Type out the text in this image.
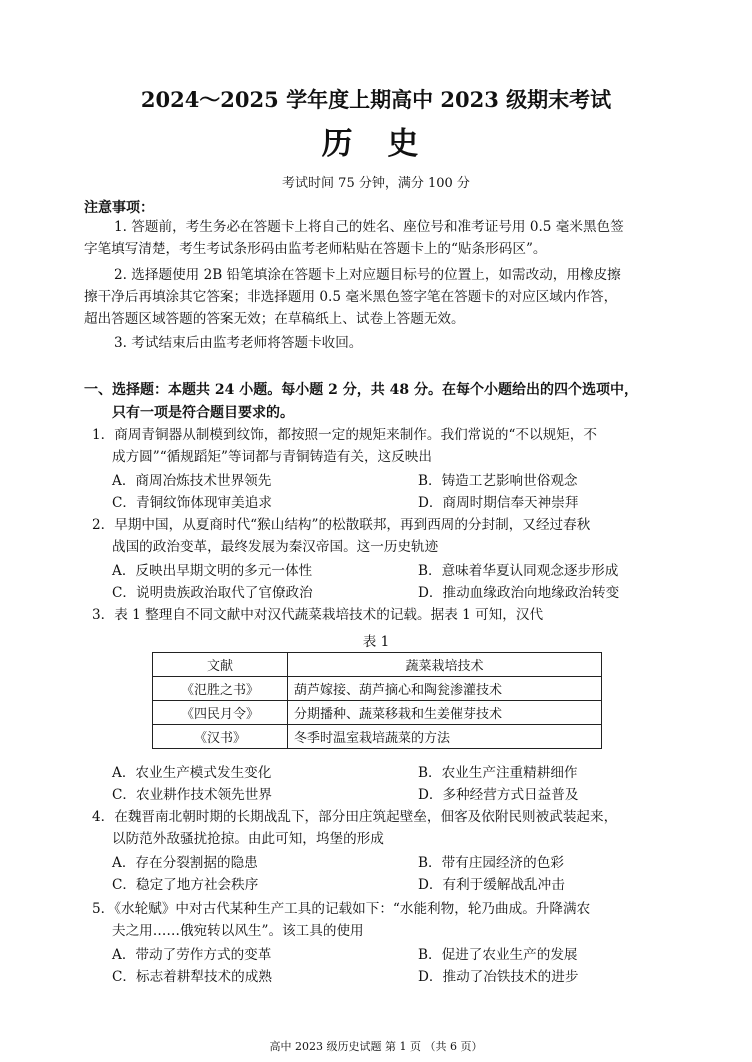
2024～2025 学年度上期高中 2023 级期末考试
历 史
考试时间 75 分钟，满分 100 分
注意事项：
1. 答题前，考生务必在答题卡上将自己的姓名、座位号和准考证号用 0.5 毫米黑色签
字笔填写清楚，考生考试条形码由监考老师粘贴在答题卡上的“贴条形码区”。
2. 选择题使用 2B 铅笔填涂在答题卡上对应题目标号的位置上，如需改动，用橡皮擦
擦干净后再填涂其它答案；非选择题用 0.5 毫米黑色签字笔在答题卡的对应区域内作答，
超出答题区域答题的答案无效；在草稿纸上、试卷上答题无效。
3. 考试结束后由监考老师将答题卡收回。
一、选择题：本题共 24 小题。每小题 2 分，共 48 分。在每个小题给出的四个选项中，
只有一项是符合题目要求的。
1．商周青铜器从制模到纹饰，都按照一定的规矩来制作。我们常说的“不以规矩，不
成方圆”“循规蹈矩”等词都与青铜铸造有关，这反映出
A．商周冶炼技术世界领先	B．铸造工艺影响世俗观念
C．青铜纹饰体现审美追求	D．商周时期信奉天神崇拜
2．早期中国，从夏商时代“猴山结构”的松散联邦，再到西周的分封制，又经过春秋
战国的政治变革，最终发展为秦汉帝国。这一历史轨迹
A．反映出早期文明的多元一体性	B．意味着华夏认同观念逐步形成
C．说明贵族政治取代了官僚政治	D．推动血缘政治向地缘政治转变
3．表 1 整理自不同文献中对汉代蔬菜栽培技术的记载。据表 1 可知，汉代
表 1
文献	蔬菜栽培技术
《氾胜之书》	葫芦嫁接、葫芦摘心和陶瓮渗灌技术
《四民月令》	分期播种、蔬菜移栽和生姜催芽技术
《汉书》	冬季时温室栽培蔬菜的方法
A．农业生产模式发生变化	B．农业生产注重精耕细作
C．农业耕作技术领先世界	D．多种经营方式日益普及
4．在魏晋南北朝时期的长期战乱下，部分田庄筑起壁垒，佃客及依附民则被武装起来，
以防范外敌骚扰抢掠。由此可知，坞堡的形成
A．存在分裂割据的隐患	B．带有庄园经济的色彩
C．稳定了地方社会秩序	D．有利于缓解战乱冲击
5．《水轮赋》中对古代某种生产工具的记载如下：“水能利物，轮乃曲成。升降满农
夫之用……俄宛转以风生”。该工具的使用
A．带动了劳作方式的变革	B．促进了农业生产的发展
C．标志着耕犁技术的成熟	D．推动了冶铁技术的进步
高中 2023 级历史试题 第 1 页 （共 6 页）
